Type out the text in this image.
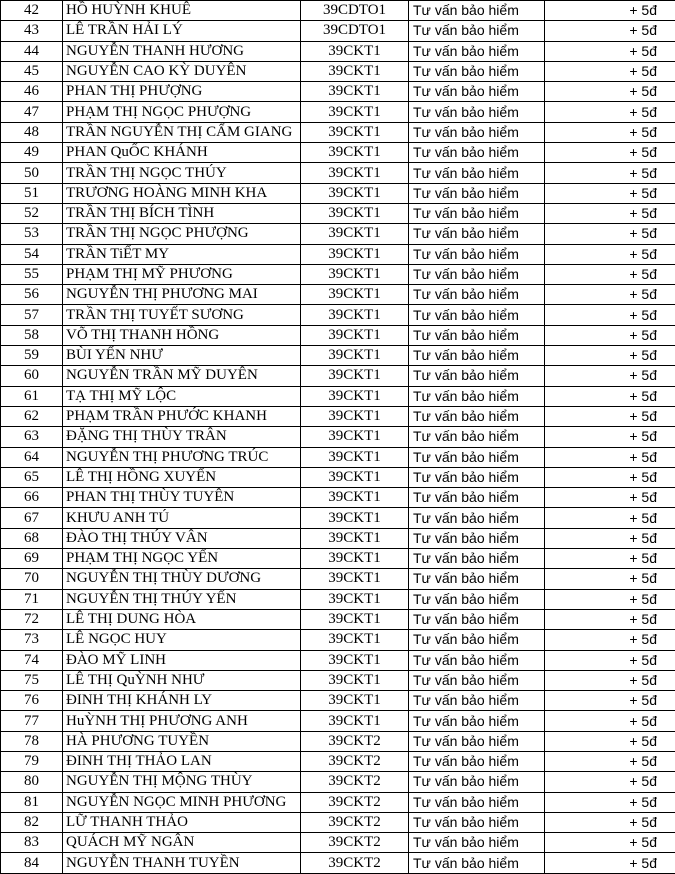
42	HỒ HUỲNH KHUÊ	39CDTO1	Tư vấn bảo hiểm	+ 5đ
43	LÊ TRẦN HẢI LÝ	39CDTO1	Tư vấn bảo hiểm	+ 5đ
44	NGUYỄN THANH HƯƠNG	39CKT1	Tư vấn bảo hiểm	+ 5đ
45	NGUYỄN CAO KỲ DUYÊN	39CKT1	Tư vấn bảo hiểm	+ 5đ
46	PHAN THỊ PHƯỢNG	39CKT1	Tư vấn bảo hiểm	+ 5đ
47	PHẠM THỊ NGỌC PHƯỢNG	39CKT1	Tư vấn bảo hiểm	+ 5đ
48	TRẦN NGUYỄN THỊ CẨM GIANG	39CKT1	Tư vấn bảo hiểm	+ 5đ
49	PHAN QuỐC KHÁNH	39CKT1	Tư vấn bảo hiểm	+ 5đ
50	TRẦN THỊ NGỌC THÚY	39CKT1	Tư vấn bảo hiểm	+ 5đ
51	TRƯƠNG HOÀNG MINH KHA	39CKT1	Tư vấn bảo hiểm	+ 5đ
52	TRẦN THỊ BÍCH TÌNH	39CKT1	Tư vấn bảo hiểm	+ 5đ
53	TRẦN THỊ NGỌC PHƯỢNG	39CKT1	Tư vấn bảo hiểm	+ 5đ
54	TRẦN TiẾT MY	39CKT1	Tư vấn bảo hiểm	+ 5đ
55	PHẠM THỊ MỸ PHƯƠNG	39CKT1	Tư vấn bảo hiểm	+ 5đ
56	NGUYỄN THỊ PHƯƠNG MAI	39CKT1	Tư vấn bảo hiểm	+ 5đ
57	TRẦN THỊ TUYẾT SƯƠNG	39CKT1	Tư vấn bảo hiểm	+ 5đ
58	VÕ THỊ THANH HỒNG	39CKT1	Tư vấn bảo hiểm	+ 5đ
59	BÙI YẾN NHƯ	39CKT1	Tư vấn bảo hiểm	+ 5đ
60	NGUYỄN TRẦN MỸ DUYÊN	39CKT1	Tư vấn bảo hiểm	+ 5đ
61	TẠ THỊ MỸ LỘC	39CKT1	Tư vấn bảo hiểm	+ 5đ
62	PHẠM TRẦN PHƯỚC KHANH	39CKT1	Tư vấn bảo hiểm	+ 5đ
63	ĐẶNG THỊ THÙY TRÂN	39CKT1	Tư vấn bảo hiểm	+ 5đ
64	NGUYỄN THỊ PHƯƠNG TRÚC	39CKT1	Tư vấn bảo hiểm	+ 5đ
65	LÊ THỊ HỒNG XUYẾN	39CKT1	Tư vấn bảo hiểm	+ 5đ
66	PHAN THỊ THÙY TUYÊN	39CKT1	Tư vấn bảo hiểm	+ 5đ
67	KHƯU ANH TÚ	39CKT1	Tư vấn bảo hiểm	+ 5đ
68	ĐÀO THỊ THÚY VÂN	39CKT1	Tư vấn bảo hiểm	+ 5đ
69	PHẠM THỊ NGỌC YẾN	39CKT1	Tư vấn bảo hiểm	+ 5đ
70	NGUYỄN THỊ THÙY DƯƠNG	39CKT1	Tư vấn bảo hiểm	+ 5đ
71	NGUYỄN THỊ THÚY YẾN	39CKT1	Tư vấn bảo hiểm	+ 5đ
72	LÊ THỊ DUNG HÒA	39CKT1	Tư vấn bảo hiểm	+ 5đ
73	LÊ NGỌC HUY	39CKT1	Tư vấn bảo hiểm	+ 5đ
74	ĐÀO MỸ LINH	39CKT1	Tư vấn bảo hiểm	+ 5đ
75	LÊ THỊ QuỲNH NHƯ	39CKT1	Tư vấn bảo hiểm	+ 5đ
76	ĐINH THỊ KHÁNH LY	39CKT1	Tư vấn bảo hiểm	+ 5đ
77	HuỲNH THỊ PHƯƠNG ANH	39CKT1	Tư vấn bảo hiểm	+ 5đ
78	HÀ PHƯƠNG TUYỀN	39CKT2	Tư vấn bảo hiểm	+ 5đ
79	ĐINH THỊ THẢO LAN	39CKT2	Tư vấn bảo hiểm	+ 5đ
80	NGUYỄN THỊ MỘNG THÙY	39CKT2	Tư vấn bảo hiểm	+ 5đ
81	NGUYỄN NGỌC MINH PHƯƠNG	39CKT2	Tư vấn bảo hiểm	+ 5đ
82	LỮ THANH THẢO	39CKT2	Tư vấn bảo hiểm	+ 5đ
83	QUÁCH MỸ NGÂN	39CKT2	Tư vấn bảo hiểm	+ 5đ
84	NGUYỄN THANH TUYỀN	39CKT2	Tư vấn bảo hiểm	+ 5đ
